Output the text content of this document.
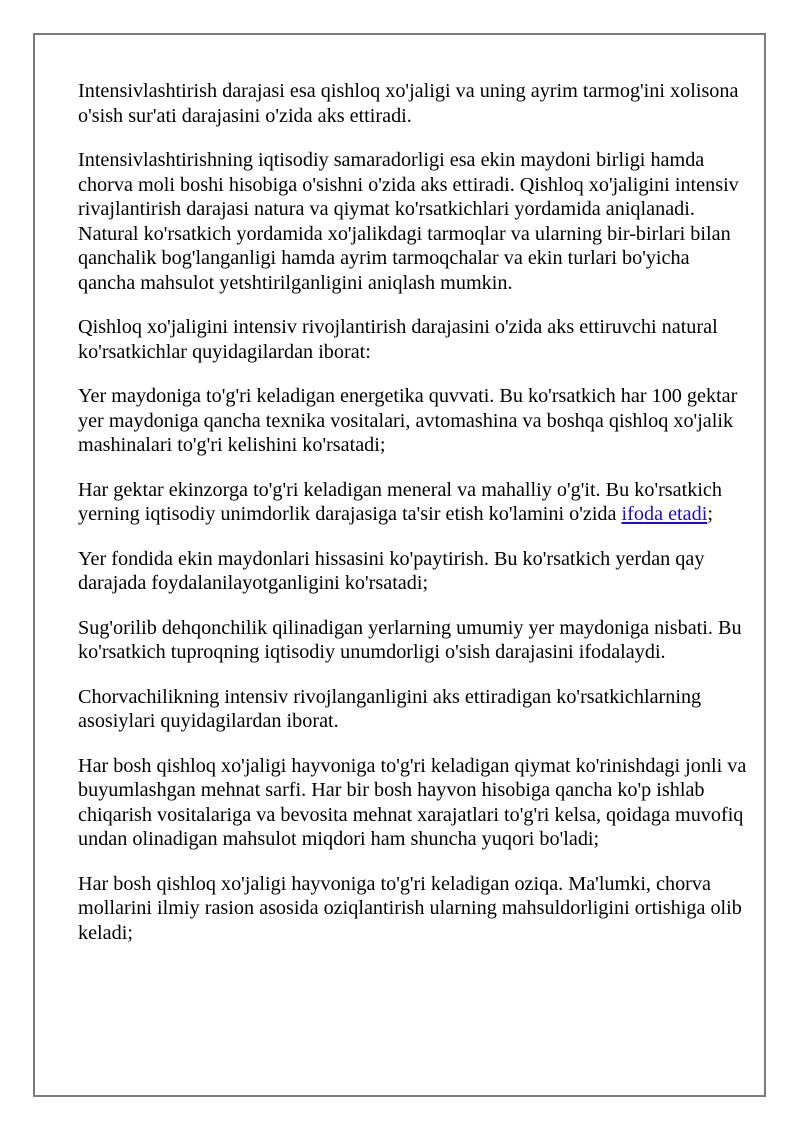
Intensivlashtirish darajasi esa qishloq xo'jaligi va uning ayrim tarmog'ini xolisona o'sish sur'ati darajasini o'zida aks ettiradi.

Intensivlashtirishning iqtisodiy samaradorligi esa ekin maydoni birligi hamda chorva moli boshi hisobiga o'sishni o'zida aks ettiradi. Qishloq xo'jaligini intensiv rivajlantirish darajasi natura va qiymat ko'rsatkichlari yordamida aniqlanadi. Natural ko'rsatkich yordamida xo'jalikdagi tarmoqlar va ularning bir-birlari bilan qanchalik bog'langanligi hamda ayrim tarmoqchalar va ekin turlari bo'yicha qancha mahsulot yetshtirilganligini aniqlash mumkin.

Qishloq xo'jaligini intensiv rivojlantirish darajasini o'zida aks ettiruvchi natural ko'rsatkichlar quyidagilardan iborat:

Yer maydoniga to'g'ri keladigan energetika quvvati. Bu ko'rsatkich har 100 gektar yer maydoniga qancha texnika vositalari, avtomashina va boshqa qishloq xo'jalik mashinalari to'g'ri kelishini ko'rsatadi;

Har gektar ekinzorga to'g'ri keladigan meneral va mahalliy o'g'it. Bu ko'rsatkich yerning iqtisodiy unimdorlik darajasiga ta'sir etish ko'lamini o'zida ifoda etadi;

Yer fondida ekin maydonlari hissasini ko'paytirish. Bu ko'rsatkich yerdan qay darajada foydalanilayotganligini ko'rsatadi;

Sug'orilib dehqonchilik qilinadigan yerlarning umumiy yer maydoniga nisbati. Bu ko'rsatkich tuproqning iqtisodiy unumdorligi o'sish darajasini ifodalaydi.

Chorvachilikning intensiv rivojlanganligini aks ettiradigan ko'rsatkichlarning asosiylari quyidagilardan iborat.

Har bosh qishloq xo'jaligi hayvoniga to'g'ri keladigan qiymat ko'rinishdagi jonli va buyumlashgan mehnat sarfi. Har bir bosh hayvon hisobiga qancha ko'p ishlab chiqarish vositalariga va bevosita mehnat xarajatlari to'g'ri kelsa, qoidaga muvofiq undan olinadigan mahsulot miqdori ham shuncha yuqori bo'ladi;

Har bosh qishloq xo'jaligi hayvoniga to'g'ri keladigan oziqa. Ma'lumki, chorva mollarini ilmiy rasion asosida oziqlantirish ularning mahsuldorligini ortishiga olib keladi;
